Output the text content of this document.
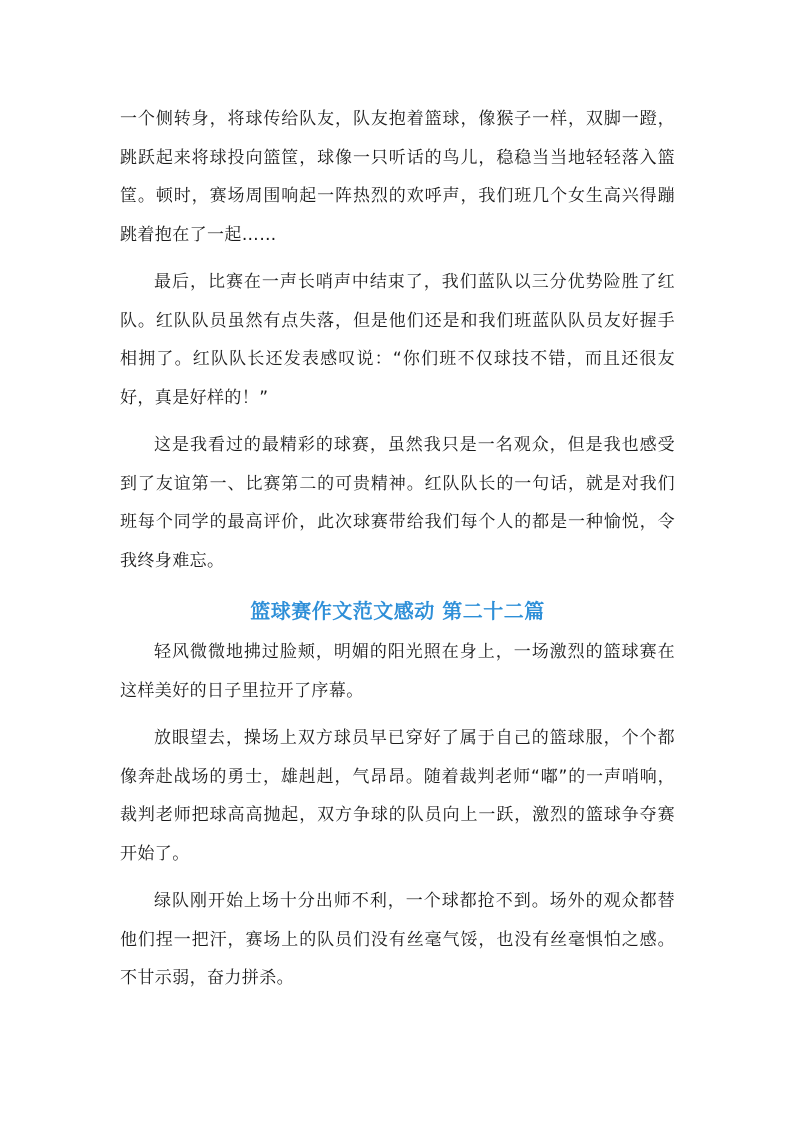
一个侧转身，将球传给队友，队友抱着篮球，像猴子一样，双脚一蹬，跳跃起来将球投向篮筐，球像一只听话的鸟儿，稳稳当当地轻轻落入篮筐。顿时，赛场周围响起一阵热烈的欢呼声，我们班几个女生高兴得蹦跳着抱在了一起……

最后，比赛在一声长哨声中结束了，我们蓝队以三分优势险胜了红队。红队队员虽然有点失落，但是他们还是和我们班蓝队队员友好握手相拥了。红队队长还发表感叹说：“你们班不仅球技不错，而且还很友好，真是好样的！”

这是我看过的最精彩的球赛，虽然我只是一名观众，但是我也感受到了友谊第一、比赛第二的可贵精神。红队队长的一句话，就是对我们班每个同学的最高评价，此次球赛带给我们每个人的都是一种愉悦，令我终身难忘。

篮球赛作文范文感动 第二十二篇

轻风微微地拂过脸颊，明媚的阳光照在身上，一场激烈的篮球赛在这样美好的日子里拉开了序幕。

放眼望去，操场上双方球员早已穿好了属于自己的篮球服，个个都像奔赴战场的勇士，雄赳赳，气昂昂。随着裁判老师“嘟”的一声哨响，裁判老师把球高高抛起，双方争球的队员向上一跃，激烈的篮球争夺赛开始了。

绿队刚开始上场十分出师不利，一个球都抢不到。场外的观众都替他们捏一把汗，赛场上的队员们没有丝毫气馁，也没有丝毫惧怕之感。不甘示弱，奋力拼杀。
